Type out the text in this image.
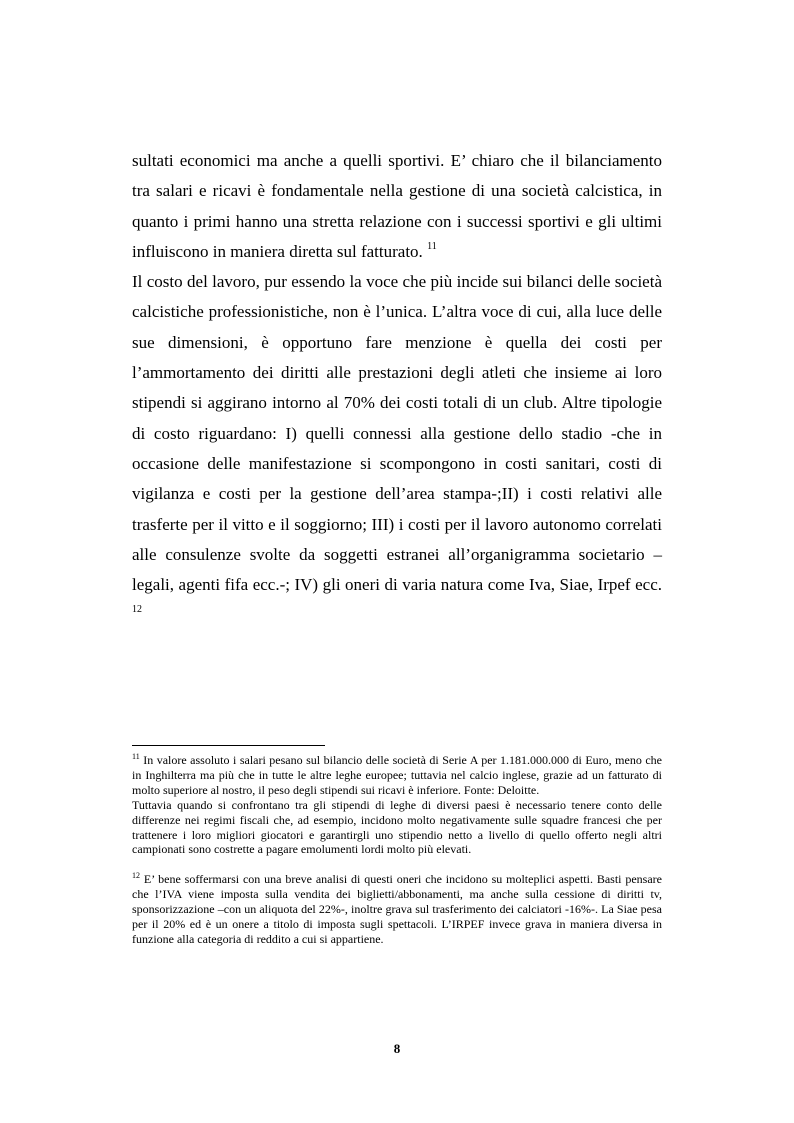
sultati economici ma anche a quelli sportivi. E’ chiaro che il bilanciamento tra salari e ricavi è fondamentale nella gestione di una società calcistica, in quanto i primi hanno una stretta relazione con i successi sportivi e gli ultimi influiscono in maniera diretta sul fatturato. $^{11}$

Il costo del lavoro, pur essendo la voce che più incide sui bilanci delle società calcistiche professionistiche, non è l’unica. L’altra voce di cui, alla luce delle sue dimensioni, è opportuno fare menzione è quella dei costi per l’ammortamento dei diritti alle prestazioni degli atleti che insieme ai loro stipendi si aggirano intorno al 70% dei costi totali di un club. Altre tipologie di costo riguardano: I) quelli connessi alla gestione dello stadio -che in occasione delle manifestazione si scompongono in costi sanitari, costi di vigilanza e costi per la gestione dell’area stampa-;II) i costi relativi alle trasferte per il vitto e il soggiorno; III) i costi per il lavoro autonomo correlati alle consulenze svolte da soggetti estranei all’organigramma societario – legali, agenti fifa ecc.-; IV) gli oneri di varia natura come Iva, Siae, Irpef ecc. $^{12}$

$^{11}$ In valore assoluto i salari pesano sul bilancio delle società di Serie A per 1.181.000.000 di Euro, meno che in Inghilterra ma più che in tutte le altre leghe europee; tuttavia nel calcio inglese, grazie ad un fatturato di molto superiore al nostro, il peso degli stipendi sui ricavi è inferiore. Fonte: Deloitte.

Tuttavia quando si confrontano tra gli stipendi di leghe di diversi paesi è necessario tenere conto delle differenze nei regimi fiscali che, ad esempio, incidono molto negativamente sulle squadre francesi che per trattenere i loro migliori giocatori e garantirgli uno stipendio netto a livello di quello offerto negli altri campionati sono costrette a pagare emolumenti lordi molto più elevati.

$^{12}$ E’ bene soffermarsi con una breve analisi di questi oneri che incidono su molteplici aspetti. Basti pensare che l’IVA viene imposta sulla vendita dei biglietti/abbonamenti, ma anche sulla cessione di diritti tv, sponsorizzazione –con un aliquota del 22%-, inoltre grava sul trasferimento dei calciatori -16%-. La Siae pesa per il 20% ed è un onere a titolo di imposta sugli spettacoli. L’IRPEF invece grava in maniera diversa in funzione alla categoria di reddito a cui si appartiene.

8
